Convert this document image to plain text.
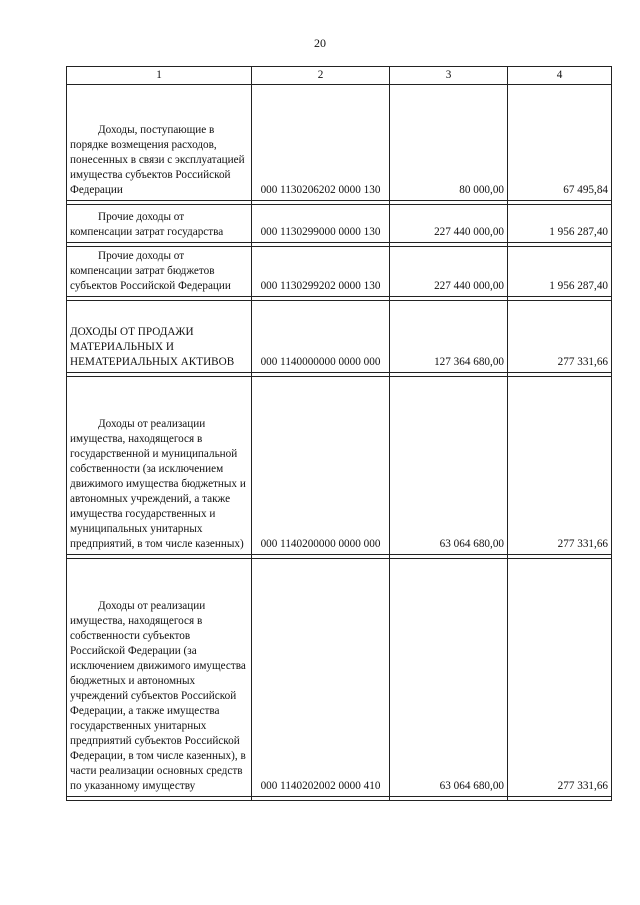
20
1	2	3	4

Доходы, поступающие в порядке возмещения расходов, понесенных в связи с эксплуатацией имущества субъектов Российской Федерации	000 1130206202 0000 130	80 000,00	67 495,84

Прочие доходы от компенсации затрат государства	000 1130299000 0000 130	227 440 000,00	1 956 287,40

Прочие доходы от компенсации затрат бюджетов субъектов Российской Федерации	000 1130299202 0000 130	227 440 000,00	1 956 287,40

ДОХОДЫ ОТ ПРОДАЖИ МАТЕРИАЛЬНЫХ И НЕМАТЕРИАЛЬНЫХ АКТИВОВ	000 1140000000 0000 000	127 364 680,00	277 331,66

Доходы от реализации имущества, находящегося в государственной и муниципальной собственности (за исключением движимого имущества бюджетных и автономных учреждений, а также имущества государственных и муниципальных унитарных предприятий, в том числе казенных)	000 1140200000 0000 000	63 064 680,00	277 331,66

Доходы от реализации имущества, находящегося в собственности субъектов Российской Федерации (за исключением движимого имущества бюджетных и автономных учреждений субъектов Российской Федерации, а также имущества государственных унитарных предприятий субъектов Российской Федерации, в том числе казенных), в части реализации основных средств по указанному имуществу	000 1140202002 0000 410	63 064 680,00	277 331,66
